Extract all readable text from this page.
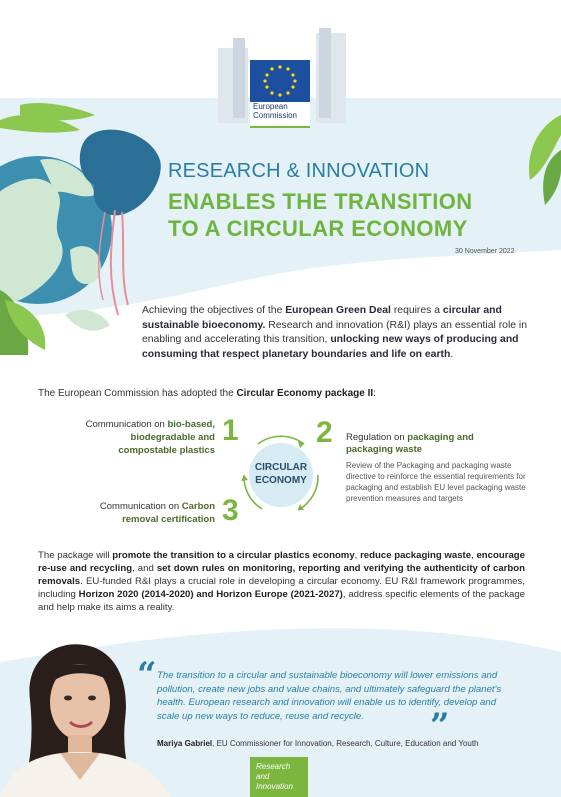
European
Commission
RESEARCH & INNOVATION
ENABLES THE TRANSITION
TO A CIRCULAR ECONOMY
30 November 2022
Achieving the objectives of the European Green Deal requires a circular and sustainable bioeconomy. Research and innovation (R&I) plays an essential role in enabling and accelerating this transition, unlocking new ways of producing and consuming that respect planetary boundaries and life on earth.
The European Commission has adopted the Circular Economy package II:
Communication on bio-based, biodegradable and compostable plastics
1	2 Regulation on packaging and packaging waste
Review of the Packaging and packaging waste directive to reinforce the essential requirements for packaging and establish EU level packaging waste prevention measures and targets
Communication on Carbon removal certification 3
CIRCULAR
ECONOMY
The package will promote the transition to a circular plastics economy, reduce packaging waste, encourage re-use and recycling, and set down rules on monitoring, reporting and verifying the authenticity of carbon removals. EU-funded R&I plays a crucial role in developing a circular economy. EU R&I framework programmes, including Horizon 2020 (2014-2020) and Horizon Europe (2021-2027), address specific elements of the package and help make its aims a reality.
“ The transition to a circular and sustainable bioeconomy will lower emissions and pollution, create new jobs and value chains, and ultimately safeguard the planet's health. European research and innovation will enable us to identify, develop and scale up new ways to reduce, reuse and recycle.	”
Mariya Gabriel, EU Commissioner for Innovation, Research, Culture, Education and Youth
Research and
Innovation
